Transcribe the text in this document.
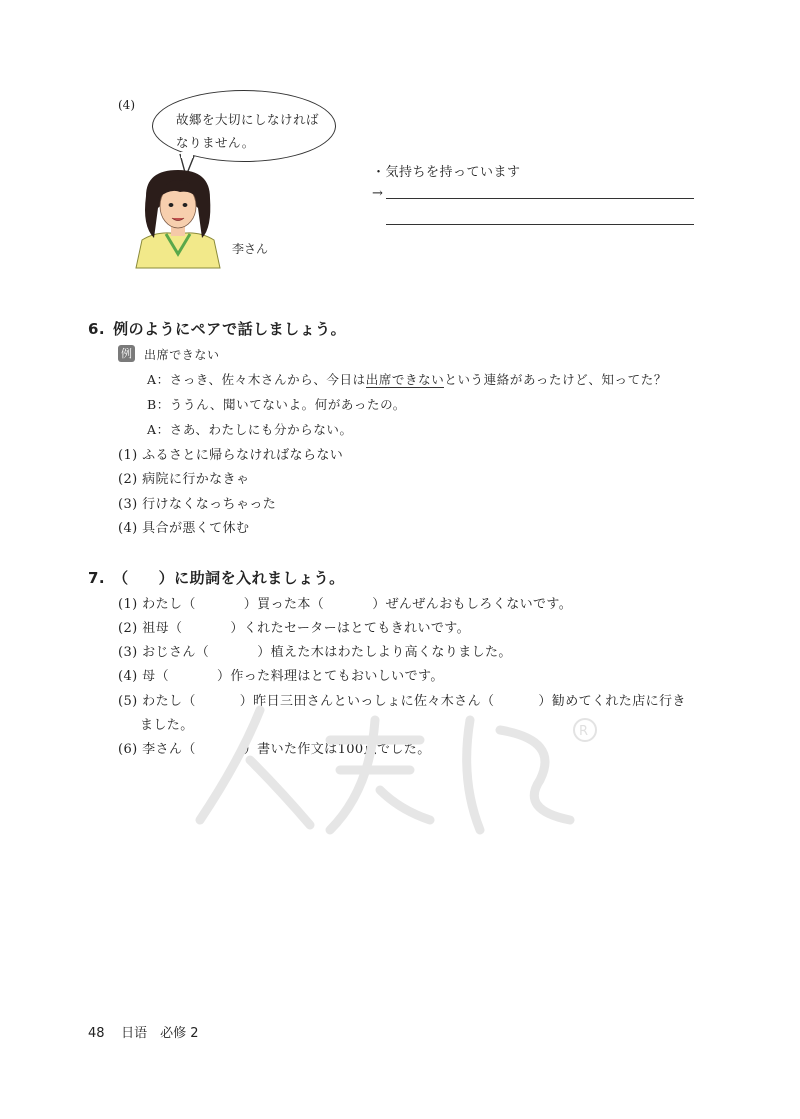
(4)
故郷を大切にしなければなりません。
李さん
・気持ちを持っています
→
6. 例のようにペアで話しましょう。
例 出席できない
A：さっき、佐々木さんから、今日は出席できないという連絡があったけど、知ってた？
B：ううん、聞いてないよ。何があったの。
A：さあ、わたしにも分からない。
(1) ふるさとに帰らなければならない
(2) 病院に行かなきゃ
(3) 行けなくなっちゃった
(4) 具合が悪くて休む
7. （ ）に助詞を入れましょう。
(1) わたし（	）買った本（	）ぜんぜんおもしろくないです。
(2) 祖母（	）くれたセーターはとてもきれいです。
(3) おじさん（	）植えた木はわたしより高くなりました。
(4) 母（	）作った料理はとてもおいしいです。
(5) わたし（	）昨日三田さんといっしょに佐々木さん（	）勧めてくれた店に行き
ました。
(6) 李さん（	）書いた作文は100点でした。
R
48 日语　必修 2
